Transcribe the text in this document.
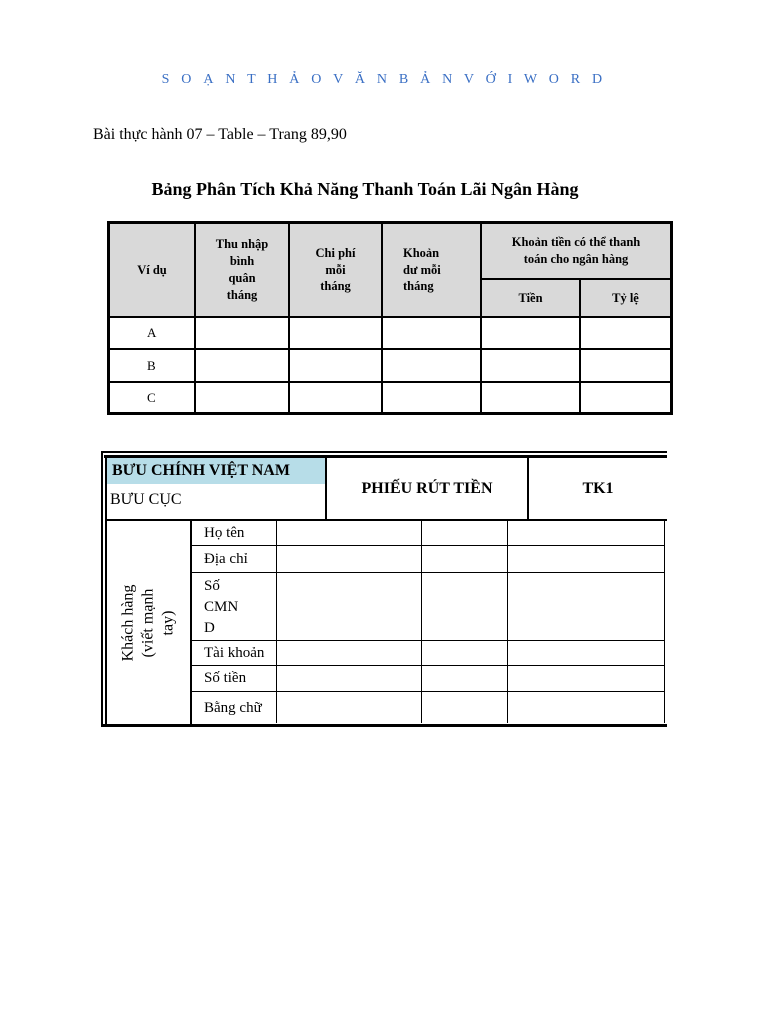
S O Ạ N T H Ả O V Ă N B Ả N V Ớ I W O R D
Bài thực hành 07 – Table – Trang 89,90
Bảng Phân Tích Khả Năng Thanh Toán Lãi Ngân Hàng
Ví dụ
Thu nhập
bình
quân
tháng
Chi phí
mỗi
tháng
Khoản
dư mỗi
tháng
Khoản tiền có thể thanh
toán cho ngân hàng
Tiền	Tỷ lệ
A
B
C
BƯU CHÍNH VIỆT NAM
BƯU CỤC
PHIẾU RÚT TIỀN	TK1
Khách hàng (viết mạnh tay)
Họ tên
Địa chỉ
Số
CMN
D
Tài khoản
Số tiền
Bằng chữ
